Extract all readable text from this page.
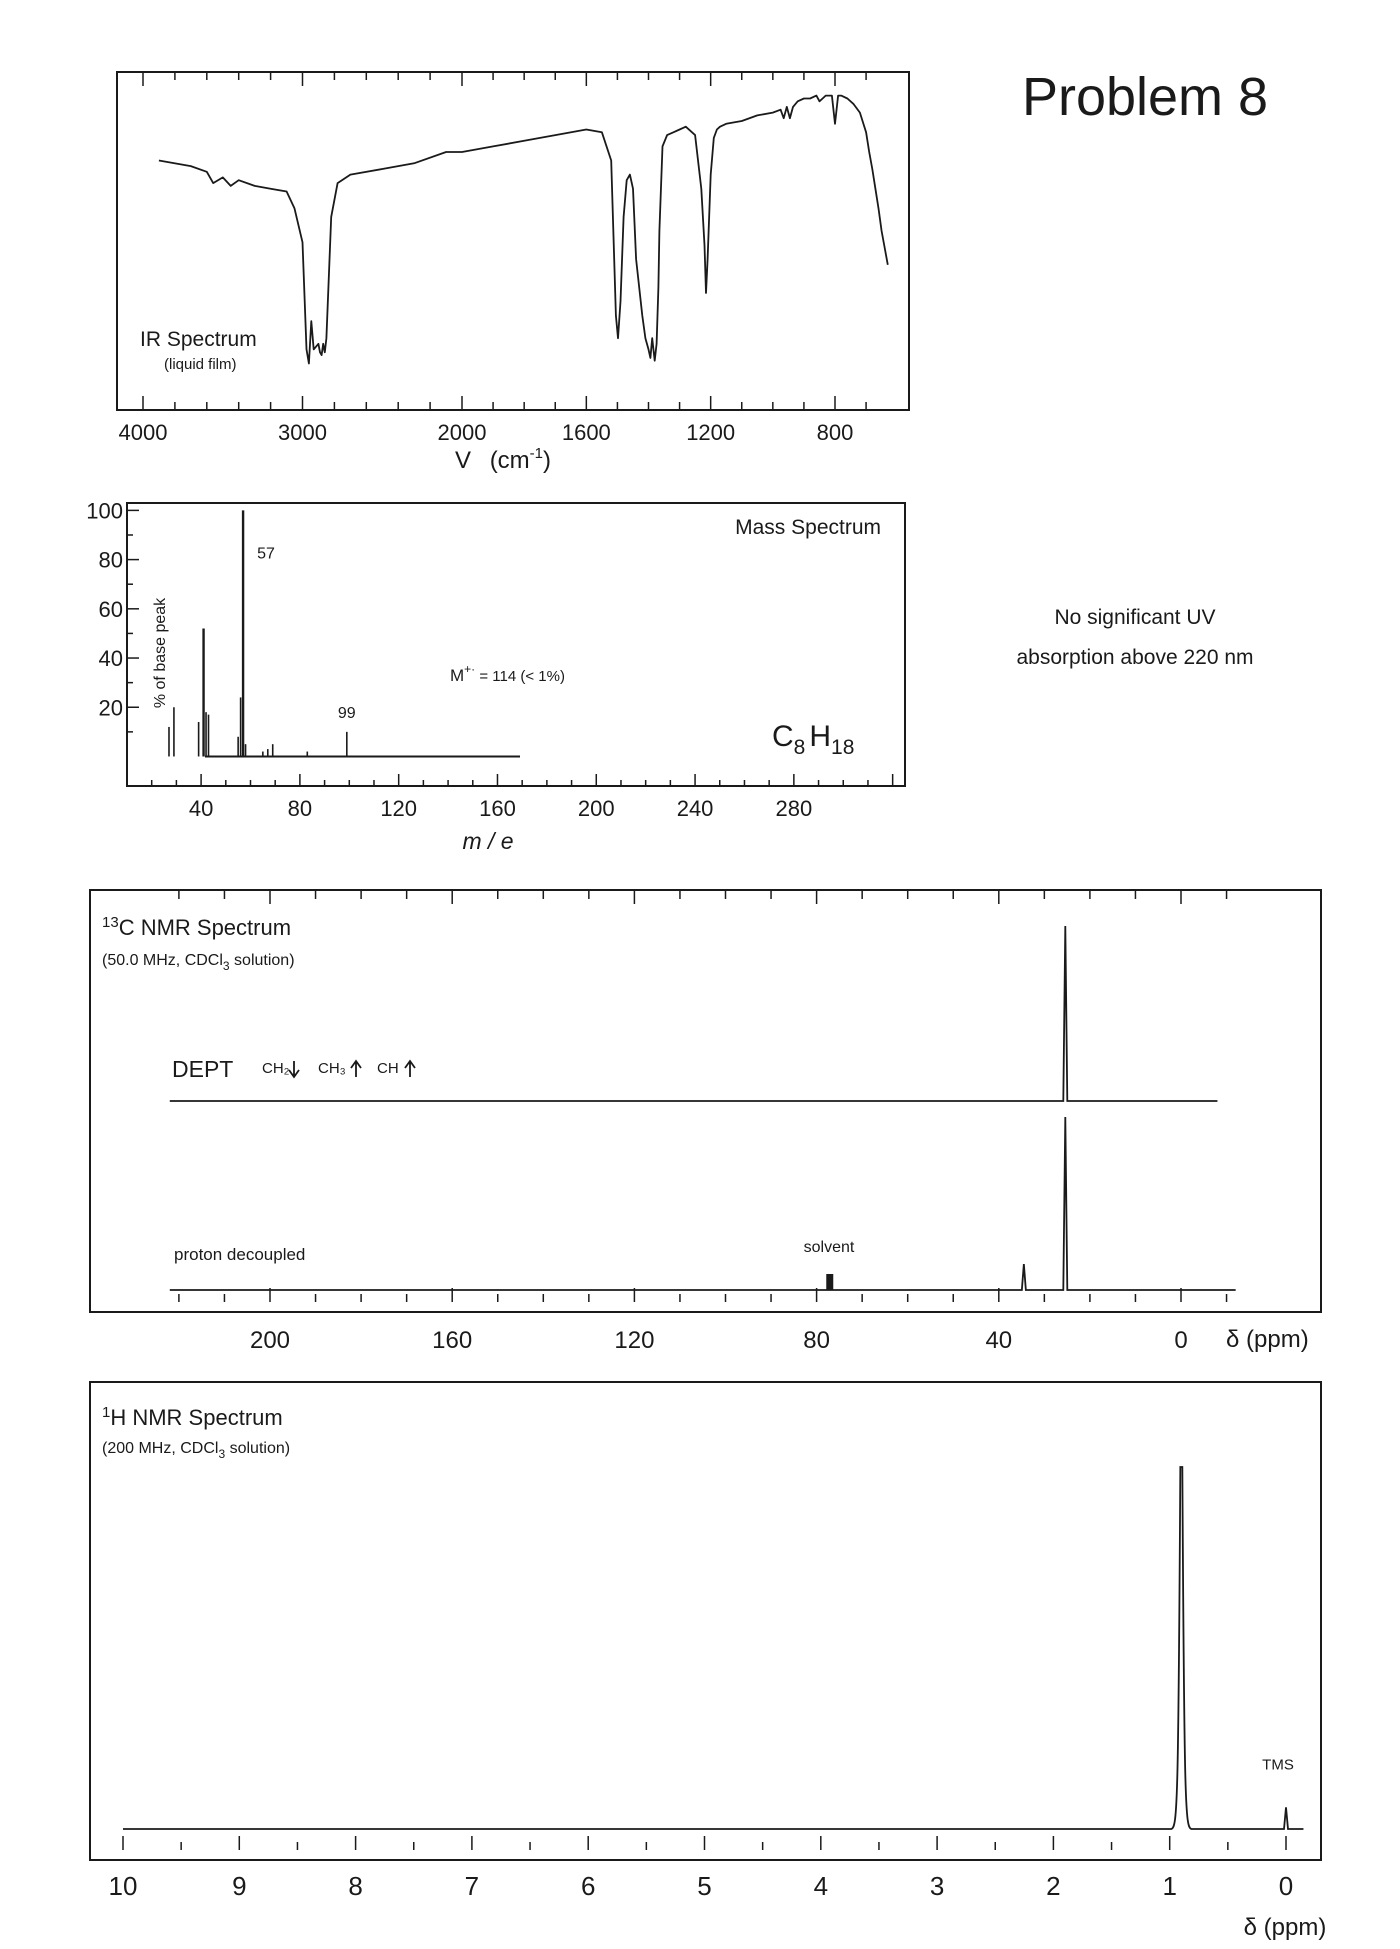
Problem 8
No significant UV
absorption above 220 nm
IR Spectrum
(liquid film)
4000	3000	2000	1600	1200	800
V $(cm^{-1})$
Mass Spectrum
% of base peak
40	80	120	160	200	240	280
20
40
60
80
100
57
99
M+· = 114 (< 1%)
$C_8$ $H_{18}$
m / e
$^{13}$C NMR Spectrum
(50.0 MHz, CDCl$_3$ solution)
DEPT CH₂ CH₃ CH
proton decoupled	solvent
200	160	120	80	40	0 δ (ppm)
$^1$H NMR Spectrum
(200 MHz, CDCl$_3$ solution)
10	9	8	7	6	5	4	3	2	1	0
TMS
δ (ppm)
